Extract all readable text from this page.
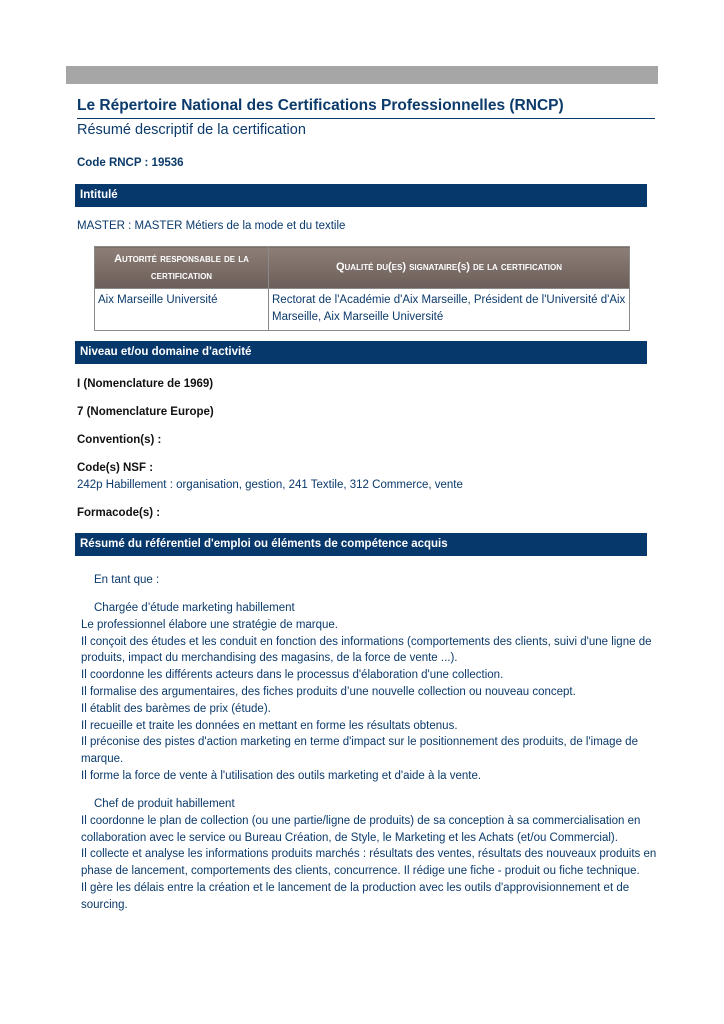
Le Répertoire National des Certifications Professionnelles (RNCP)
Résumé descriptif de la certification
Code RNCP : 19536
Intitulé
MASTER : MASTER Métiers de la mode et du textile
Autorité responsable de la certification	Qualité du(es) signataire(s) de la certification
Aix Marseille Université	Rectorat de l'Académie d'Aix Marseille, Président de l'Université d'Aix Marseille, Aix Marseille Université
Niveau et/ou domaine d'activité
I (Nomenclature de 1969)
7 (Nomenclature Europe)
Convention(s) :
Code(s) NSF :
242p Habillement : organisation, gestion, 241 Textile, 312 Commerce, vente
Formacode(s) :
Résumé du référentiel d'emploi ou éléments de compétence acquis
En tant que :
Chargée d’étude marketing habillement
Le professionnel élabore une stratégie de marque.
Il conçoit des études et les conduit en fonction des informations (comportements des clients, suivi d'une ligne de
produits, impact du merchandising des magasins, de la force de vente ...).
Il coordonne les différents acteurs dans le processus d'élaboration d'une collection.
Il formalise des argumentaires, des fiches produits d’une nouvelle collection ou nouveau concept.
Il établit des barèmes de prix (étude).
Il recueille et traite les données en mettant en forme les résultats obtenus.
Il préconise des pistes d'action marketing en terme d'impact sur le positionnement des produits, de l'image de
marque.
Il forme la force de vente à l'utilisation des outils marketing et d'aide à la vente.
Chef de produit habillement
Il coordonne le plan de collection (ou une partie/ligne de produits) de sa conception à sa commercialisation en
collaboration avec le service ou Bureau Création, de Style, le Marketing et les Achats (et/ou Commercial).
Il collecte et analyse les informations produits marchés : résultats des ventes, résultats des nouveaux produits en
phase de lancement, comportements des clients, concurrence. Il rédige une fiche - produit ou fiche technique.
Il gère les délais entre la création et le lancement de la production avec les outils d'approvisionnement et de
sourcing.
